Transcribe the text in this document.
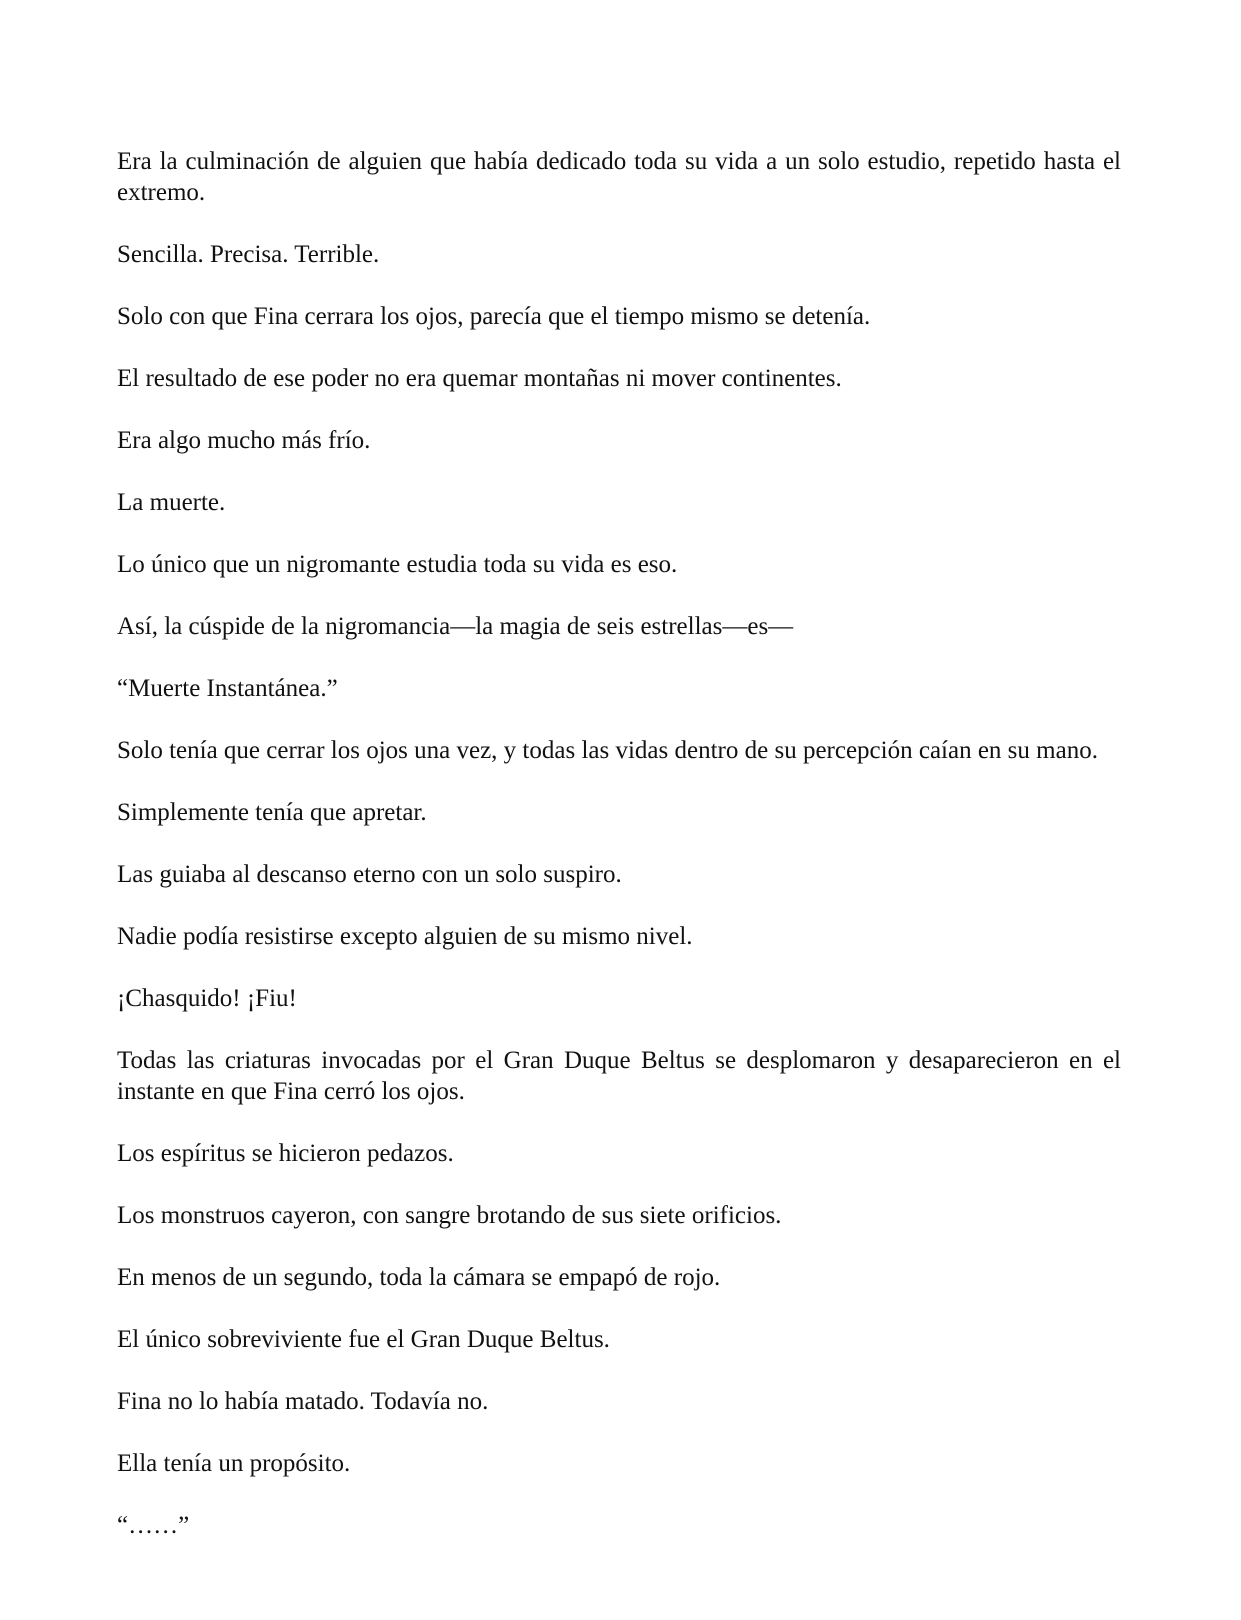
Era la culminación de alguien que había dedicado toda su vida a un solo estudio, repetido hasta el extremo.

Sencilla. Precisa. Terrible.

Solo con que Fina cerrara los ojos, parecía que el tiempo mismo se detenía.

El resultado de ese poder no era quemar montañas ni mover continentes.

Era algo mucho más frío.

La muerte.

Lo único que un nigromante estudia toda su vida es eso.

Así, la cúspide de la nigromancia—la magia de seis estrellas—es—

“Muerte Instantánea.”

Solo tenía que cerrar los ojos una vez, y todas las vidas dentro de su percepción caían en su mano.

Simplemente tenía que apretar.

Las guiaba al descanso eterno con un solo suspiro.

Nadie podía resistirse excepto alguien de su mismo nivel.

¡Chasquido! ¡Fiu!

Todas las criaturas invocadas por el Gran Duque Beltus se desplomaron y desaparecieron en el instante en que Fina cerró los ojos.

Los espíritus se hicieron pedazos.

Los monstruos cayeron, con sangre brotando de sus siete orificios.

En menos de un segundo, toda la cámara se empapó de rojo.

El único sobreviviente fue el Gran Duque Beltus.

Fina no lo había matado. Todavía no.

Ella tenía un propósito.

“……”
